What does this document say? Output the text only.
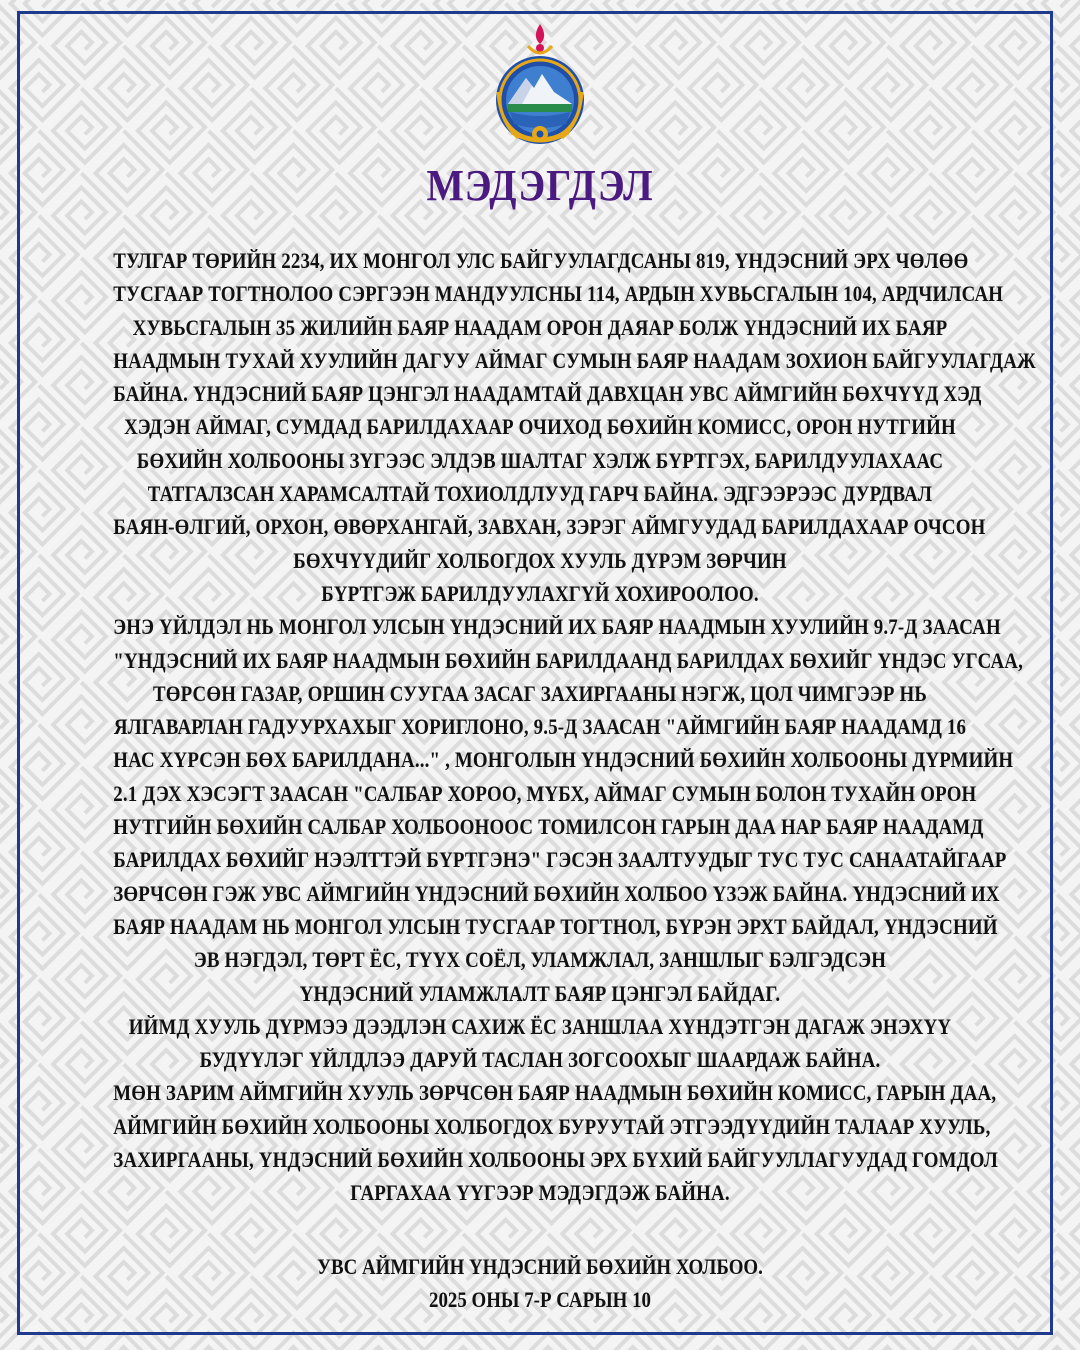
МЭДЭГДЭЛ
ТУЛГАР ТӨРИЙН 2234, ИХ МОНГОЛ УЛС БАЙГУУЛАГДСАНЫ 819, ҮНДЭСНИЙ ЭРХ ЧӨЛӨӨ
ТУСГААР ТОГТНОЛОО СЭРГЭЭН МАНДУУЛСНЫ 114, АРДЫН ХУВЬСГАЛЫН 104, АРДЧИЛСАН
ХУВЬСГАЛЫН 35 ЖИЛИЙН БАЯР НААДАМ ОРОН ДАЯАР БОЛЖ ҮНДЭСНИЙ ИХ БАЯР
НААДМЫН ТУХАЙ ХУУЛИЙН ДАГУУ АЙМАГ СУМЫН БАЯР НААДАМ ЗОХИОН БАЙГУУЛАГДАЖ
БАЙНА. ҮНДЭСНИЙ БАЯР ЦЭНГЭЛ НААДАМТАЙ ДАВХЦАН УВС АЙМГИЙН БӨХЧҮҮД ХЭД
ХЭДЭН АЙМАГ, СУМДАД БАРИЛДАХААР ОЧИХОД БӨХИЙН КОМИСС, ОРОН НУТГИЙН
БӨХИЙН ХОЛБООНЫ ЗҮГЭЭС ЭЛДЭВ ШАЛТАГ ХЭЛЖ БҮРТГЭХ, БАРИЛДУУЛАХААС
ТАТГАЛЗСАН ХАРАМСАЛТАЙ ТОХИОЛДЛУУД ГАРЧ БАЙНА. ЭДГЭЭРЭЭС ДУРДВАЛ
БАЯН-ӨЛГИЙ, ОРХОН, ӨВӨРХАНГАЙ, ЗАВХАН, ЗЭРЭГ АЙМГУУДАД БАРИЛДАХААР ОЧСОН
БӨХЧҮҮДИЙГ ХОЛБОГДОХ ХУУЛЬ ДҮРЭМ ЗӨРЧИН
БҮРТГЭЖ БАРИЛДУУЛАХГҮЙ ХОХИРООЛОО.
ЭНЭ ҮЙЛДЭЛ НЬ МОНГОЛ УЛСЫН ҮНДЭСНИЙ ИХ БАЯР НААДМЫН ХУУЛИЙН 9.7-Д ЗААСАН
"ҮНДЭСНИЙ ИХ БАЯР НААДМЫН БӨХИЙН БАРИЛДААНД БАРИЛДАХ БӨХИЙГ ҮНДЭС УГСАА,
ТӨРСӨН ГАЗАР, ОРШИН СУУГАА ЗАСАГ ЗАХИРГААНЫ НЭГЖ, ЦОЛ ЧИМГЭЭР НЬ
ЯЛГАВАРЛАН ГАДУУРХАХЫГ ХОРИГЛОНО, 9.5-Д ЗААСАН "АЙМГИЙН БАЯР НААДАМД 16
НАС ХҮРСЭН БӨХ БАРИЛДАНА..." , МОНГОЛЫН ҮНДЭСНИЙ БӨХИЙН ХОЛБООНЫ ДҮРМИЙН
2.1 ДЭХ ХЭСЭГТ ЗААСАН "САЛБАР ХОРОО, МҮБХ, АЙМАГ СУМЫН БОЛОН ТУХАЙН ОРОН
НУТГИЙН БӨХИЙН САЛБАР ХОЛБООНООС ТОМИЛСОН ГАРЫН ДАА НАР БАЯР НААДАМД
БАРИЛДАХ БӨХИЙГ НЭЭЛТТЭЙ БҮРТГЭНЭ" ГЭСЭН ЗААЛТУУДЫГ ТУС ТУС САНААТАЙГААР
ЗӨРЧСӨН ГЭЖ УВС АЙМГИЙН ҮНДЭСНИЙ БӨХИЙН ХОЛБОО ҮЗЭЖ БАЙНА. ҮНДЭСНИЙ ИХ
БАЯР НААДАМ НЬ МОНГОЛ УЛСЫН ТУСГААР ТОГТНОЛ, БҮРЭН ЭРХТ БАЙДАЛ, ҮНДЭСНИЙ
ЭВ НЭГДЭЛ, ТӨРТ ЁС, ТҮҮХ СОЁЛ, УЛАМЖЛАЛ, ЗАНШЛЫГ БЭЛГЭДСЭН
ҮНДЭСНИЙ УЛАМЖЛАЛТ БАЯР ЦЭНГЭЛ БАЙДАГ.
ИЙМД ХУУЛЬ ДҮРМЭЭ ДЭЭДЛЭН САХИЖ ЁС ЗАНШЛАА ХҮНДЭТГЭН ДАГАЖ ЭНЭХҮҮ
БУДҮҮЛЭГ ҮЙЛДЛЭЭ ДАРУЙ ТАСЛАН ЗОГСООХЫГ ШААРДАЖ БАЙНА.
МӨН ЗАРИМ АЙМГИЙН ХУУЛЬ ЗӨРЧСӨН БАЯР НААДМЫН БӨХИЙН КОМИСС, ГАРЫН ДАА,
АЙМГИЙН БӨХИЙН ХОЛБООНЫ ХОЛБОГДОХ БУРУУТАЙ ЭТГЭЭДҮҮДИЙН ТАЛААР ХУУЛЬ,
ЗАХИРГААНЫ, ҮНДЭСНИЙ БӨХИЙН ХОЛБООНЫ ЭРХ БҮХИЙ БАЙГУУЛЛАГУУДАД ГОМДОЛ
ГАРГАХАА ҮҮГЭЭР МЭДЭГДЭЖ БАЙНА.
УВС АЙМГИЙН ҮНДЭСНИЙ БӨХИЙН ХОЛБОО.
2025 ОНЫ 7-Р САРЫН 10
